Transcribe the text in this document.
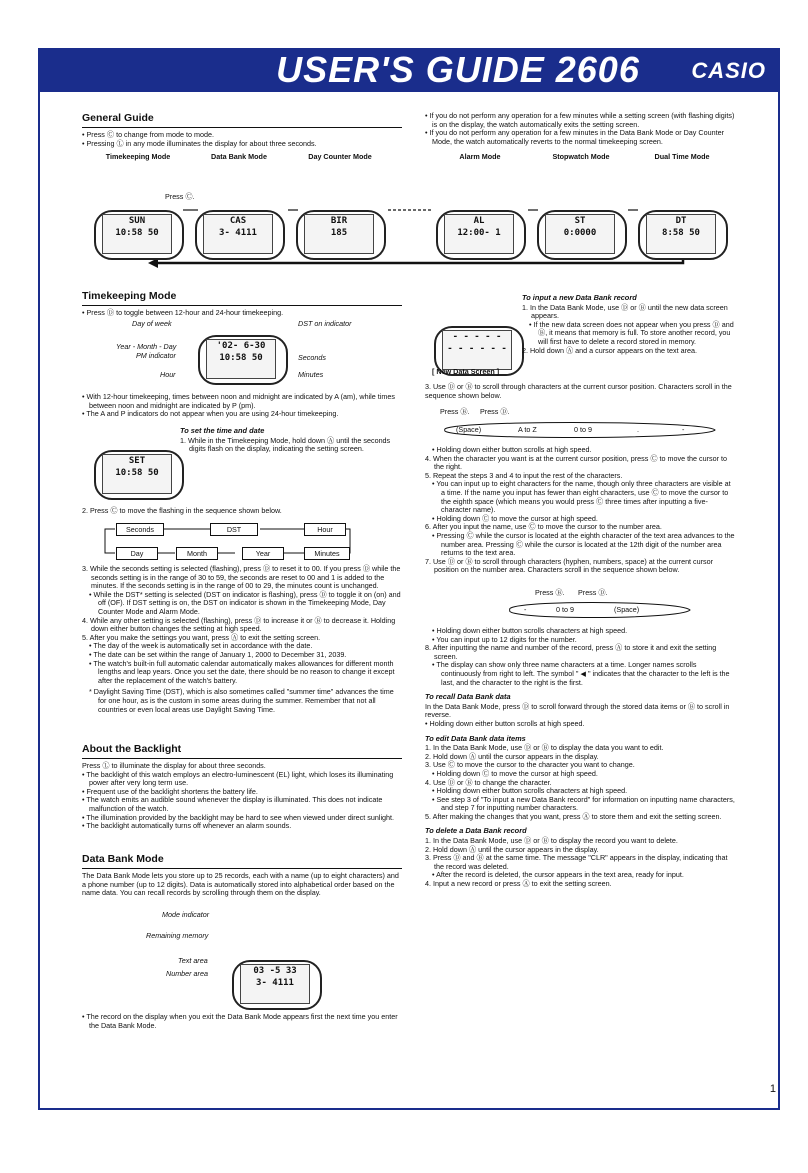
USER'S GUIDE 2606	CASIO
General Guide
• Press Ⓒ to change from mode to mode.
• Pressing Ⓛ in any mode illuminates the display for about three seconds.
• If you do not perform any operation for a few minutes while a setting screen (with flashing digits) is on the display, the watch automatically exits the setting screen.
• If you do not perform any operation for a few minutes in the Data Bank Mode or Day Counter Mode, the watch automatically reverts to the normal timekeeping screen.
Press Ⓒ.
Timekeeping Mode
SUN
10:58 50
Data Bank Mode
CAS
3- 4111
Day Counter Mode
BIR
185
Alarm Mode
AL
12:00- 1
Stopwatch Mode
ST
0:0000
Dual Time Mode
DT
8:58 50
Timekeeping Mode
• Press Ⓓ to toggle between 12-hour and 24-hour timekeeping.
Day of week
Year - Month - Day
PM indicator
Hour
DST on indicator
Seconds
Minutes
'02- 6-30
10:58 50
• With 12-hour timekeeping, times between noon and midnight are indicated by A (am), while times between noon and midnight are indicated by P (pm).
• The A and P indicators do not appear when you are using 24-hour timekeeping.
SET
10:58 50
To set the time and date
1. While in the Timekeeping Mode, hold down Ⓐ until the seconds digits flash on the display, indicating the setting screen.
2. Press Ⓒ to move the flashing in the sequence shown below.
Seconds	DST	Hour
Day	Month	Year	Minutes
3. While the seconds setting is selected (flashing), press Ⓓ to reset it to 00. If you press Ⓓ while the seconds setting is in the range of 30 to 59, the seconds are reset to 00 and 1 is added to the minutes. If the seconds setting is in the range of 00 to 29, the minutes count is unchanged.
• While the DST* setting is selected (DST on indicator is flashing), press Ⓓ to toggle it on (on) and off (OF). If DST setting is on, the DST on indicator is shown in the Timekeeping Mode, Day Counter Mode and Alarm Mode.
4. While any other setting is selected (flashing), press Ⓓ to increase it or Ⓑ to decrease it. Holding down either button changes the setting at high speed.
5. After you make the settings you want, press Ⓐ to exit the setting screen.
• The day of the week is automatically set in accordance with the date.
• The date can be set within the range of January 1, 2000 to December 31, 2039.
• The watch's built-in full automatic calendar automatically makes allowances for different month lengths and leap years. Once you set the date, there should be no reason to change it except after the replacement of the watch's battery.
* Daylight Saving Time (DST), which is also sometimes called "summer time" advances the time for one hour, as is the custom in some areas during the summer. Remember that not all countries or even local areas use Daylight Saving Time.
About the Backlight
Press Ⓛ to illuminate the display for about three seconds.
• The backlight of this watch employs an electro-luminescent (EL) light, which loses its illuminating power after very long term use.
• Frequent use of the backlight shortens the battery life.
• The watch emits an audible sound whenever the display is illuminated. This does not indicate malfunction of the watch.
• The illumination provided by the backlight may be hard to see when viewed under direct sunlight.
• The backlight automatically turns off whenever an alarm sounds.
Data Bank Mode
The Data Bank Mode lets you store up to 25 records, each with a name (up to eight characters) and a phone number (up to 12 digits). Data is automatically stored into alphabetical order based on the name data. You can recall records by scrolling through them on the display.
Mode indicator
Remaining memory
Text area
Number area	03 -5 33
3- 4111
• The record on the display when you exit the Data Bank Mode appears first the next time you enter the Data Bank Mode.
- - - - -
- - - - - -
[ New Data Screen ]
To input a new Data Bank record
1. In the Data Bank Mode, use Ⓓ or Ⓑ until the new data screen appears.
• If the new data screen does not appear when you press Ⓓ and Ⓑ, it means that memory is full. To store another record, you will first have to delete a record stored in memory.
2. Hold down Ⓐ and a cursor appears on the text area.
3. Use Ⓓ or Ⓑ to scroll through characters at the current cursor position. Characters scroll in the sequence shown below.
Press Ⓑ. Press Ⓓ.
(Space)	A to Z	0 to 9	.	-
• Holding down either button scrolls at high speed.
4. When the character you want is at the current cursor position, press Ⓒ to move the cursor to the right.
5. Repeat the steps 3 and 4 to input the rest of the characters.
• You can input up to eight characters for the name, though only three characters are visible at a time. If the name you input has fewer than eight characters, use Ⓒ to move the cursor to the eighth space (which means you would press Ⓒ three times after inputting a five-character name).
• Holding down Ⓒ to move the cursor at high speed.
6. After you input the name, use Ⓒ to move the cursor to the number area.
• Pressing Ⓒ while the cursor is located at the eighth character of the text area advances to the number area. Pressing Ⓒ while the cursor is located at the 12th digit of the number area returns to the text area.
7. Use Ⓓ or Ⓑ to scroll through characters (hyphen, numbers, space) at the current cursor position on the number area. Characters scroll in the sequence shown below.
Press Ⓑ. Press Ⓓ.
-	0 to 9	(Space)
• Holding down either button scrolls characters at high speed.
• You can input up to 12 digits for the number.
8. After inputting the name and number of the record, press Ⓐ to store it and exit the setting screen.
• The display can show only three name characters at a time. Longer names scrolls continuously from right to left. The symbol " ◀ " indicates that the character to the left is the last, and the character to the right is the first.
To recall Data Bank data
In the Data Bank Mode, press Ⓓ to scroll forward through the stored data items or Ⓑ to scroll in reverse.
• Holding down either button scrolls at high speed.
To edit Data Bank data items
1. In the Data Bank Mode, use Ⓓ or Ⓑ to display the data you want to edit.
2. Hold down Ⓐ until the cursor appears in the display.
3. Use Ⓒ to move the cursor to the character you want to change.
• Holding down Ⓒ to move the cursor at high speed.
4. Use Ⓓ or Ⓑ to change the character.
• Holding down either button scrolls characters at high speed.
• See step 3 of "To input a new Data Bank record" for information on inputting name characters, and step 7 for inputting number characters.
5. After making the changes that you want, press Ⓐ to store them and exit the setting screen.
To delete a Data Bank record
1. In the Data Bank Mode, use Ⓓ or Ⓑ to display the record you want to delete.
2. Hold down Ⓐ until the cursor appears in the display.
3. Press Ⓓ and Ⓑ at the same time. The message "CLR" appears in the display, indicating that the record was deleted.
• After the record is deleted, the cursor appears in the text area, ready for input.
4. Input a new record or press Ⓐ to exit the setting screen.
1
